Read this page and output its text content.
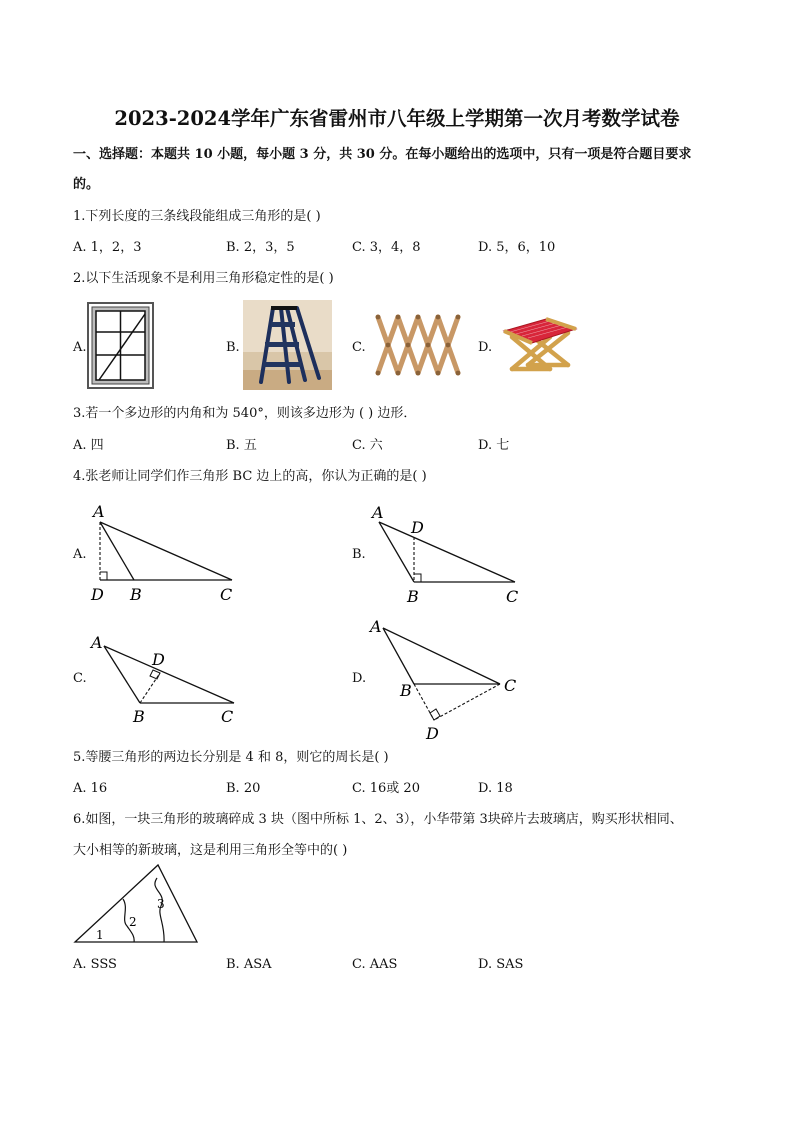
2023-2024学年广东省雷州市八年级上学期第一次月考数学试卷
一、选择题：本题共 10 小题，每小题 3 分，共 30 分。在每小题给出的选项中，只有一项是符合题目要求
的。
1.下列长度的三条线段能组成三角形的是( )
A. 1，2，3	B. 2，3，5	C. 3，4，8	D. 5，6，10
2.以下生活现象不是利用三角形稳定性的是( )
A.	B.	C.	D.
3.若一个多边形的内角和为 540°，则该多边形为 ( ) 边形．
A. 四	B. 五	C. 六	D. 七
4.张老师让同学们作三角形 BC 边上的高，你认为正确的是( )
A.	B.
C.	D.
A
D B	C
A
D
B	C
A
D
B	C
A
B	C
D
5.等腰三角形的两边长分别是 4 和 8，则它的周长是( )
A. 16	B. 20	C. 16或 20	D. 18
6.如图，一块三角形的玻璃碎成 3 块（图中所标 1、2、3），小华带第 3块碎片去玻璃店，购买形状相同、
大小相等的新玻璃，这是利用三角形全等中的( )
1
2
3
A. SSS	B. ASA	C. AAS	D. SAS
